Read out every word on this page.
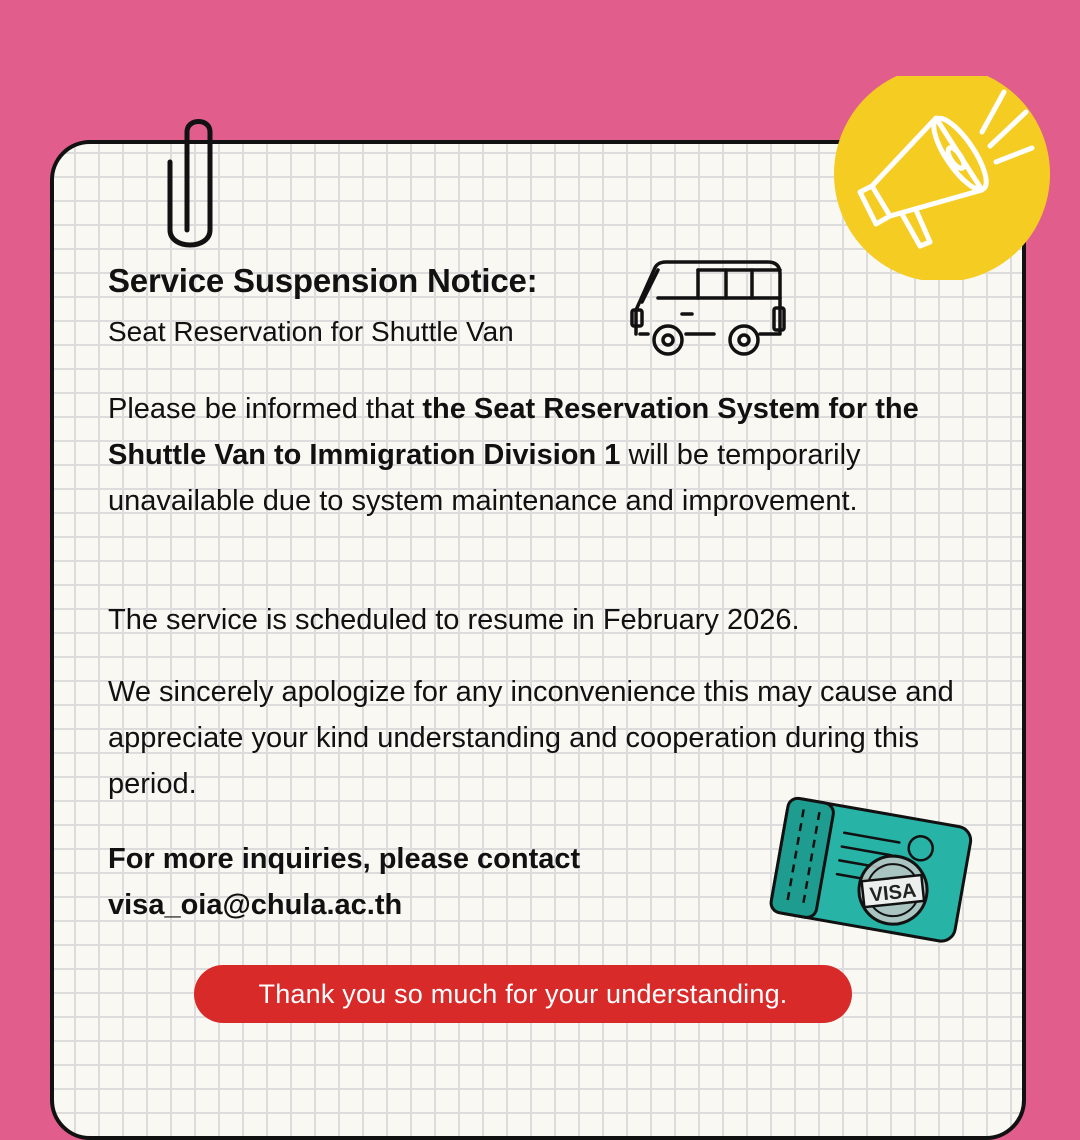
VISA
Service Suspension Notice:

Seat Reservation for Shuttle Van

Please be informed that the Seat Reservation System for the Shuttle Van to Immigration Division 1 will be temporarily unavailable due to system maintenance and improvement.

The service is scheduled to resume in February 2026.

We sincerely apologize for any inconvenience this may cause and appreciate your kind understanding and cooperation during this period.

For more inquiries, please contact
visa_oia@chula.ac.th

Thank you so much for your understanding.
